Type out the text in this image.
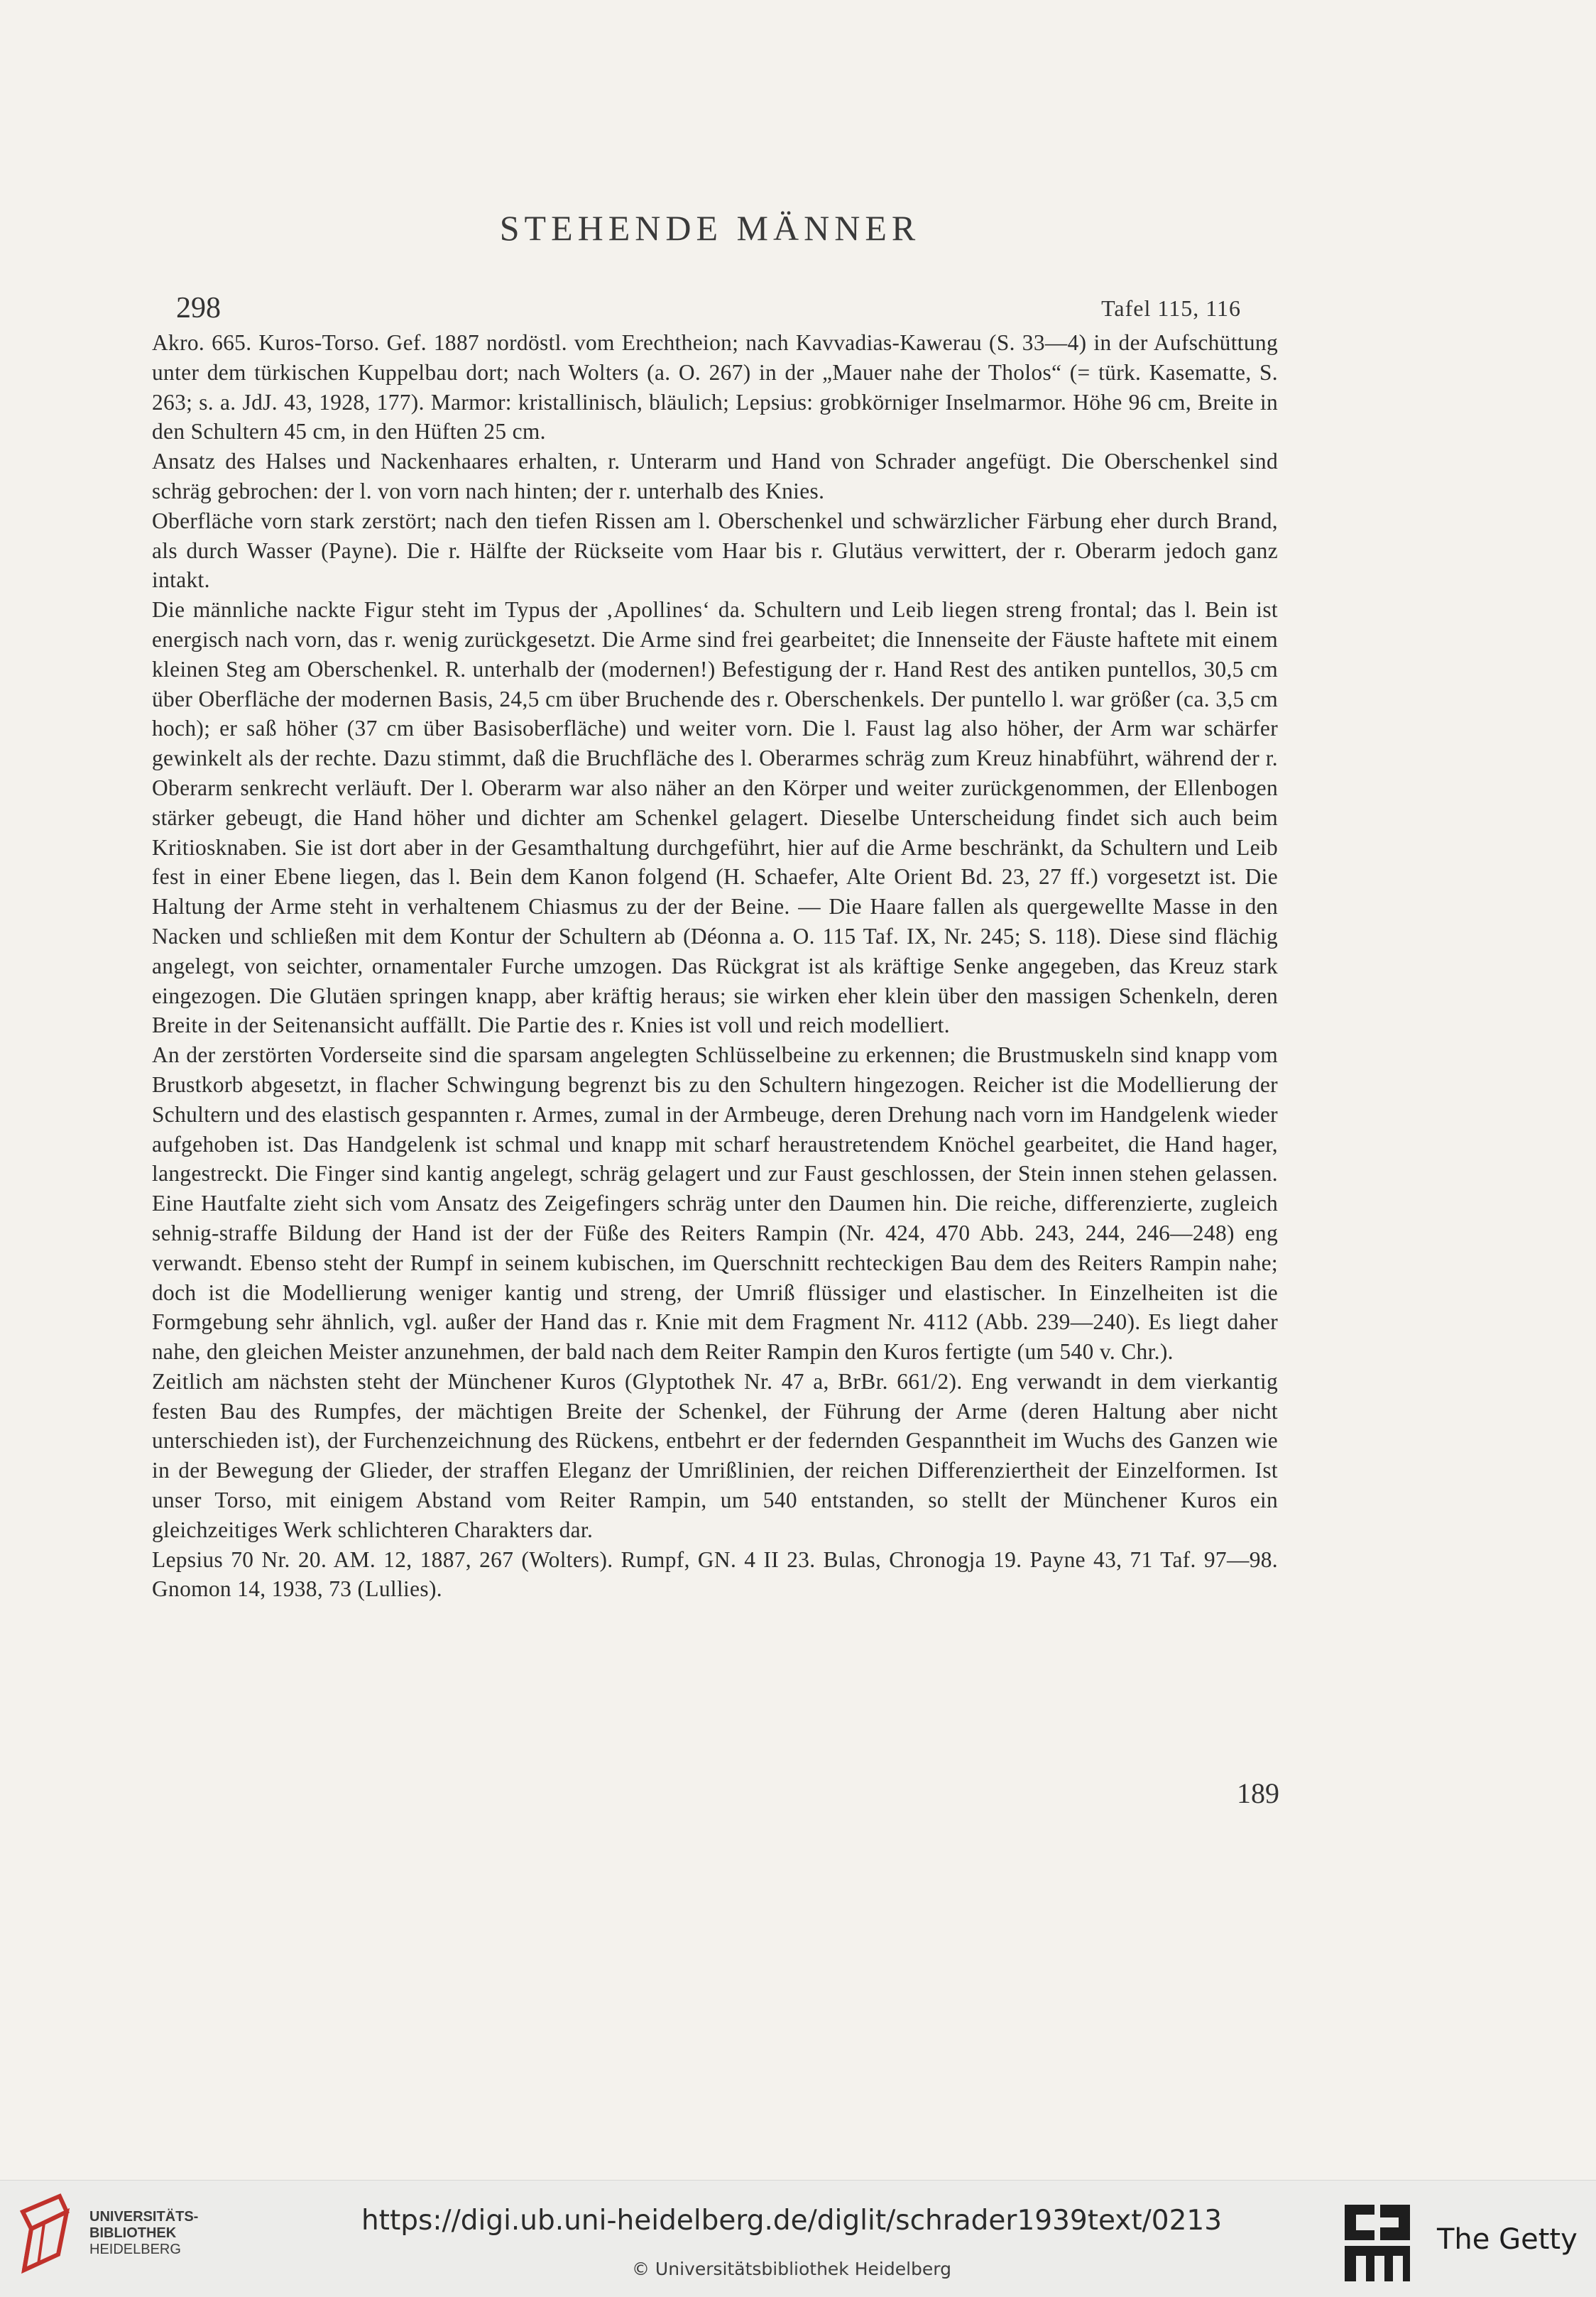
STEHENDE MÄNNER
298	Tafel 115, 116

Akro. 665. Kuros-Torso. Gef. 1887 nordöstl. vom Erechtheion; nach Kavvadias-Kawerau (S. 33—4) in der Aufschüttung unter dem türkischen Kuppelbau dort; nach Wolters (a. O. 267) in der „Mauer nahe der Tholos“ (= türk. Kasematte, S. 263; s. a. JdJ. 43, 1928, 177). Marmor: kristallinisch, bläulich; Lepsius: grobkörniger Inselmarmor. Höhe 96 cm, Breite in den Schultern 45 cm, in den Hüften 25 cm.

Ansatz des Halses und Nackenhaares erhalten, r. Unterarm und Hand von Schrader angefügt. Die Oberschenkel sind schräg gebrochen: der l. von vorn nach hinten; der r. unterhalb des Knies.

Oberfläche vorn stark zerstört; nach den tiefen Rissen am l. Oberschenkel und schwärzlicher Färbung eher durch Brand, als durch Wasser (Payne). Die r. Hälfte der Rückseite vom Haar bis r. Glutäus verwittert, der r. Oberarm jedoch ganz intakt.

Die männliche nackte Figur steht im Typus der ‚Apollines‘ da. Schultern und Leib liegen streng frontal; das l. Bein ist energisch nach vorn, das r. wenig zurückgesetzt. Die Arme sind frei gearbeitet; die Innenseite der Fäuste haftete mit einem kleinen Steg am Oberschenkel. R. unterhalb der (modernen!) Befestigung der r. Hand Rest des antiken puntellos, 30,5 cm über Oberfläche der modernen Basis, 24,5 cm über Bruchende des r. Oberschenkels. Der puntello l. war größer (ca. 3,5 cm hoch); er saß höher (37 cm über Basisoberfläche) und weiter vorn. Die l. Faust lag also höher, der Arm war schärfer gewinkelt als der rechte. Dazu stimmt, daß die Bruchfläche des l. Oberarmes schräg zum Kreuz hinabführt, während der r. Oberarm senkrecht verläuft. Der l. Oberarm war also näher an den Körper und weiter zurückgenommen, der Ellenbogen stärker gebeugt, die Hand höher und dichter am Schenkel gelagert. Dieselbe Unterscheidung findet sich auch beim Kritiosknaben. Sie ist dort aber in der Gesamthaltung durchgeführt, hier auf die Arme beschränkt, da Schultern und Leib fest in einer Ebene liegen, das l. Bein dem Kanon folgend (H. Schaefer, Alte Orient Bd. 23, 27 ff.) vorgesetzt ist. Die Haltung der Arme steht in verhaltenem Chiasmus zu der der Beine. — Die Haare fallen als quergewellte Masse in den Nacken und schließen mit dem Kontur der Schultern ab (Déonna a. O. 115 Taf. IX, Nr. 245; S. 118). Diese sind flächig angelegt, von seichter, ornamentaler Furche umzogen. Das Rückgrat ist als kräftige Senke angegeben, das Kreuz stark eingezogen. Die Glutäen springen knapp, aber kräftig heraus; sie wirken eher klein über den massigen Schenkeln, deren Breite in der Seitenansicht auffällt. Die Partie des r. Knies ist voll und reich modelliert.

An der zerstörten Vorderseite sind die sparsam angelegten Schlüsselbeine zu erkennen; die Brustmuskeln sind knapp vom Brustkorb abgesetzt, in flacher Schwingung begrenzt bis zu den Schultern hingezogen. Reicher ist die Modellierung der Schultern und des elastisch gespannten r. Armes, zumal in der Armbeuge, deren Drehung nach vorn im Handgelenk wieder aufgehoben ist. Das Handgelenk ist schmal und knapp mit scharf heraustretendem Knöchel gearbeitet, die Hand hager, langestreckt. Die Finger sind kantig angelegt, schräg gelagert und zur Faust geschlossen, der Stein innen stehen gelassen. Eine Hautfalte zieht sich vom Ansatz des Zeigefingers schräg unter den Daumen hin. Die reiche, differenzierte, zugleich sehnig-straffe Bildung der Hand ist der der Füße des Reiters Rampin (Nr. 424, 470 Abb. 243, 244, 246—248) eng verwandt. Ebenso steht der Rumpf in seinem kubischen, im Querschnitt rechteckigen Bau dem des Reiters Rampin nahe; doch ist die Modellierung weniger kantig und streng, der Umriß flüssiger und elastischer. In Einzelheiten ist die Formgebung sehr ähnlich, vgl. außer der Hand das r. Knie mit dem Fragment Nr. 4112 (Abb. 239—240). Es liegt daher nahe, den gleichen Meister anzunehmen, der bald nach dem Reiter Rampin den Kuros fertigte (um 540 v. Chr.).

Zeitlich am nächsten steht der Münchener Kuros (Glyptothek Nr. 47 a, BrBr. 661/2). Eng verwandt in dem vierkantig festen Bau des Rumpfes, der mächtigen Breite der Schenkel, der Führung der Arme (deren Haltung aber nicht unterschieden ist), der Furchenzeichnung des Rückens, entbehrt er der federnden Gespanntheit im Wuchs des Ganzen wie in der Bewegung der Glieder, der straffen Eleganz der Umrißlinien, der reichen Differenziertheit der Einzelformen. Ist unser Torso, mit einigem Abstand vom Reiter Rampin, um 540 entstanden, so stellt der Münchener Kuros ein gleichzeitiges Werk schlichteren Charakters dar.

Lepsius 70 Nr. 20. AM. 12, 1887, 267 (Wolters). Rumpf, GN. 4 II 23. Bulas, Chronogja 19. Payne 43, 71 Taf. 97—98. Gnomon 14, 1938, 73 (Lullies).

189
UNIVERSITÄTS-
BIBLIOTHEK
HEIDELBERG
https://digi.ub.uni-heidelberg.de/diglit/schrader1939text/0213
© Universitätsbibliothek Heidelberg
The Getty
